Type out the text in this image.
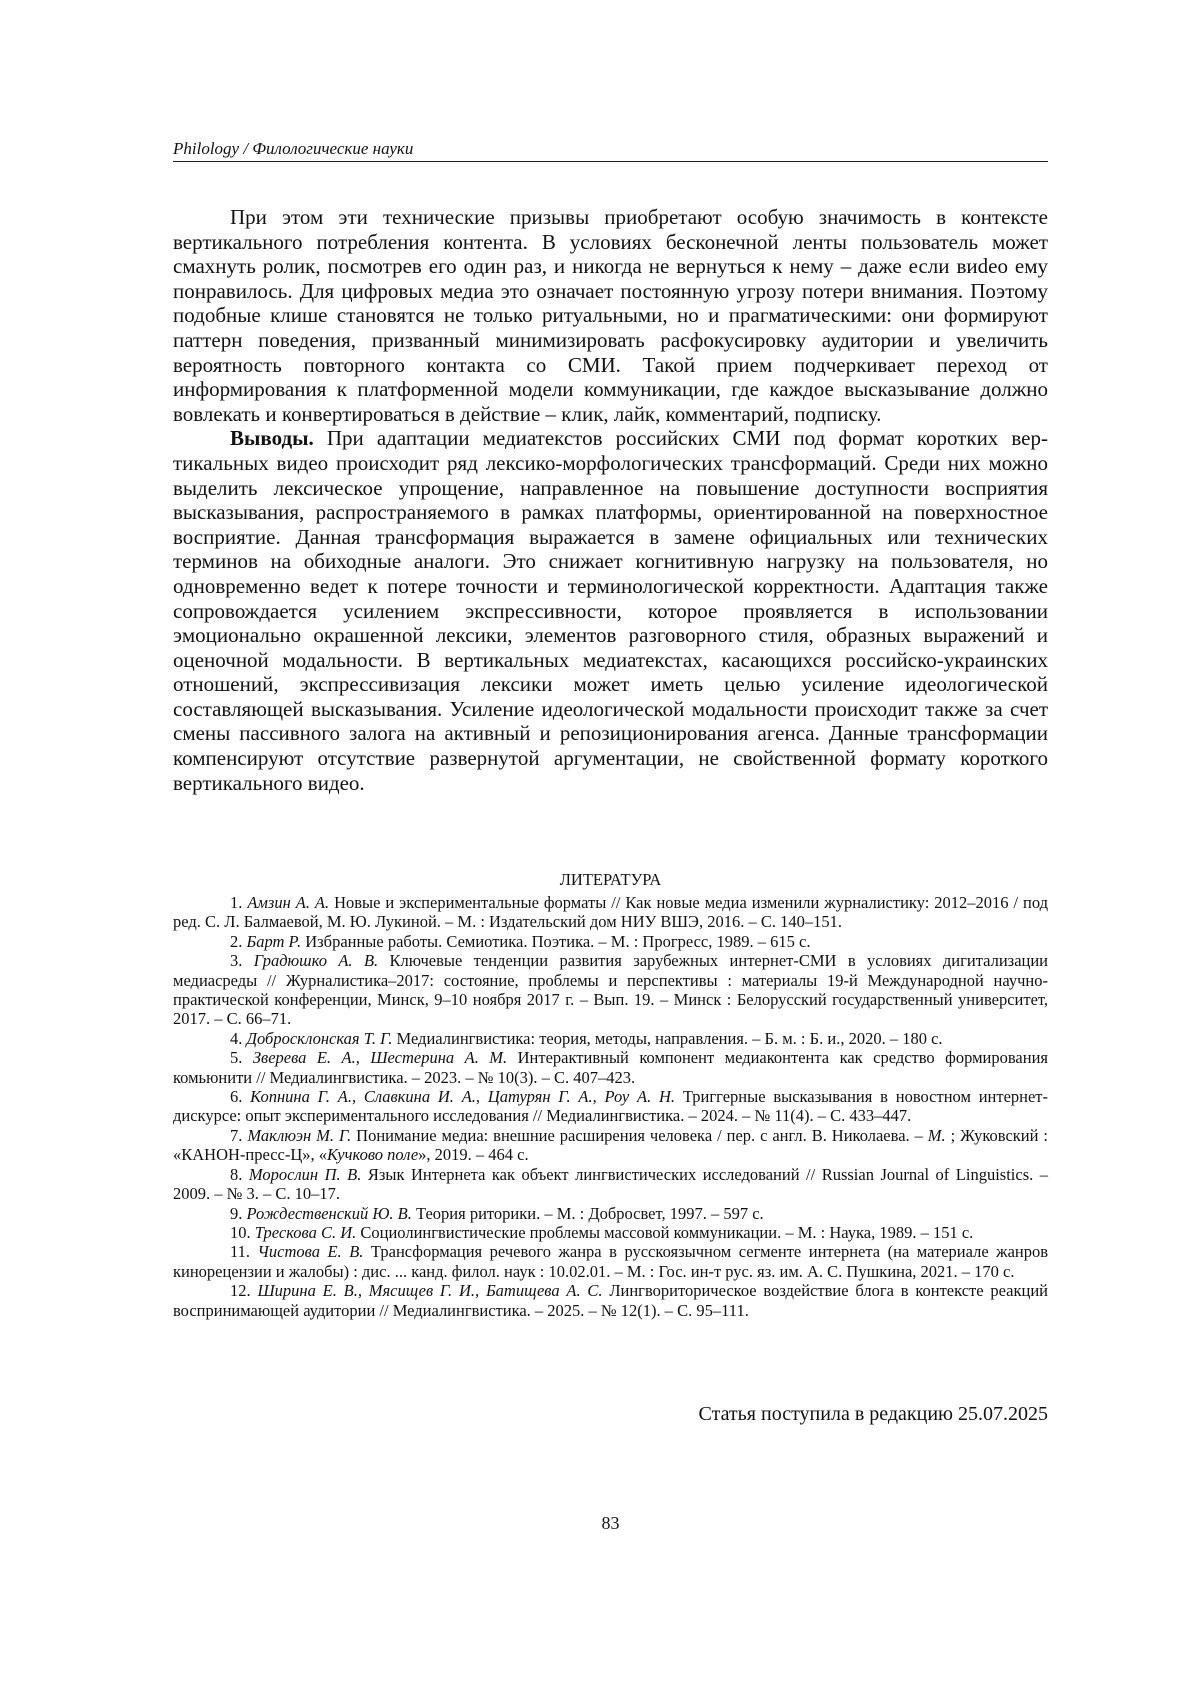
Philology / Филологические науки

При этом эти технические призывы приобретают особую значимость в контексте вертикального потребления контента. В условиях бесконечной ленты пользователь может смахнуть ролик, посмотрев его один раз, и никогда не вернуться к нему – даже если виdео ему понравилось. Для цифровых медиа это означает постоянную угрозу потери внимания. Поэтому подобные клише становятся не только ритуальными, но и прагматическими: они формируют паттерн поведения, призванный минимизировать расфокусировку аудитории и увеличить вероятность повторного контакта со СМИ. Такой прием подчеркивает переход от информирования к платформенной модели коммуникации, где каждое высказывание должно вовлекать и конвертироваться в действие – клик, лайк, комментарий, подписку.

Выводы. При адаптации медиатекстов российских СМИ под формат коротких вертикальных видео происходит ряд лексико-морфологических трансформаций. Среди них можно выделить лексическое упрощение, направленное на повышение доступности восприятия высказывания, распространяемого в рамках платформы, ориентированной на поверхностное восприятие. Данная трансформация выражается в замене официальных или технических терминов на обиходные аналоги. Это снижает когнитивную нагрузку на пользователя, но одновременно ведет к потере точности и терминологической корректности. Адаптация также сопровождается усилением экспрессивности, которое проявляется в использовании эмоционально окрашенной лексики, элементов разговорного стиля, образных выражений и оценочной модальности. В вертикальных медиатекстах, касающихся российско-украинских отношений, экспрессивизация лексики может иметь целью усиление идеологической составляющей высказывания. Усиление идеологической модальности происходит также за счет смены пассивного залога на активный и репозиционирования агенса. Данные трансформации компенсируют отсутствие развернутой аргументации, не свойственной формату короткого вертикального видео.

ЛИТЕРАТУРА

1. Амзин А. А. Новые и экспериментальные форматы // Как новые медиа изменили журналистику: 2012–2016 / под ред. С. Л. Балмаевой, М. Ю. Лукиной. – М. : Издательский дом НИУ ВШЭ, 2016. – С. 140–151.

2. Барт Р. Избранные работы. Семиотика. Поэтика. – М. : Прогресс, 1989. – 615 с.

3. Градюшко А. В. Ключевые тенденции развития зарубежных интернет-СМИ в условиях дигитализации медиасреды // Журналистика–2017: состояние, проблемы и перспективы : материалы 19-й Международной научно-практической конференции, Минск, 9–10 ноября 2017 г. – Вып. 19. – Минск : Белорусский государственный университет, 2017. – С. 66–71.

4. Добросклонская Т. Г. Медиалингвистика: теория, методы, направления. – Б. м. : Б. и., 2020. – 180 с.

5. Зверева Е. А., Шестерина А. М. Интерактивный компонент медиаконтента как средство формирования комьюнити // Медиалингвистика. – 2023. – № 10(3). – С. 407–423.

6. Копнина Г. А., Славкина И. А., Цатурян Г. А., Роу А. Н. Триггерные высказывания в новостном интернет-дискурсе: опыт экспериментального исследования // Медиалингвистика. – 2024. – № 11(4). – С. 433–447.

7. Маклюэн М. Г. Понимание медиа: внешние расширения человека / пер. с англ. В. Николаева. – М. ; Жуковский : «КАНОН-пресс-Ц», «Кучково поле», 2019. – 464 с.

8. Морослин П. В. Язык Интернета как объект лингвистических исследований // Russian Journal of Linguistics. – 2009. – № 3. – С. 10–17.

9. Рождественский Ю. В. Теория риторики. – М. : Добросвет, 1997. – 597 с.

10. Трескова С. И. Социолингвистические проблемы массовой коммуникации. – М. : Наука, 1989. – 151 с.

11. Чистова Е. В. Трансформация речевого жанра в русскоязычном сегменте интернета (на материале жанров кинорецензии и жалобы) : дис. ... канд. филол. наук : 10.02.01. – М. : Гос. ин-т рус. яз. им. А. С. Пушкина, 2021. – 170 с.

12. Ширина Е. В., Мясищев Г. И., Батищева А. С. Лингвориторическое воздействие блога в контексте реакций воспринимающей аудитории // Медиалингвистика. – 2025. – № 12(1). – С. 95–111.

Статья поступила в редакцию 25.07.2025
83
